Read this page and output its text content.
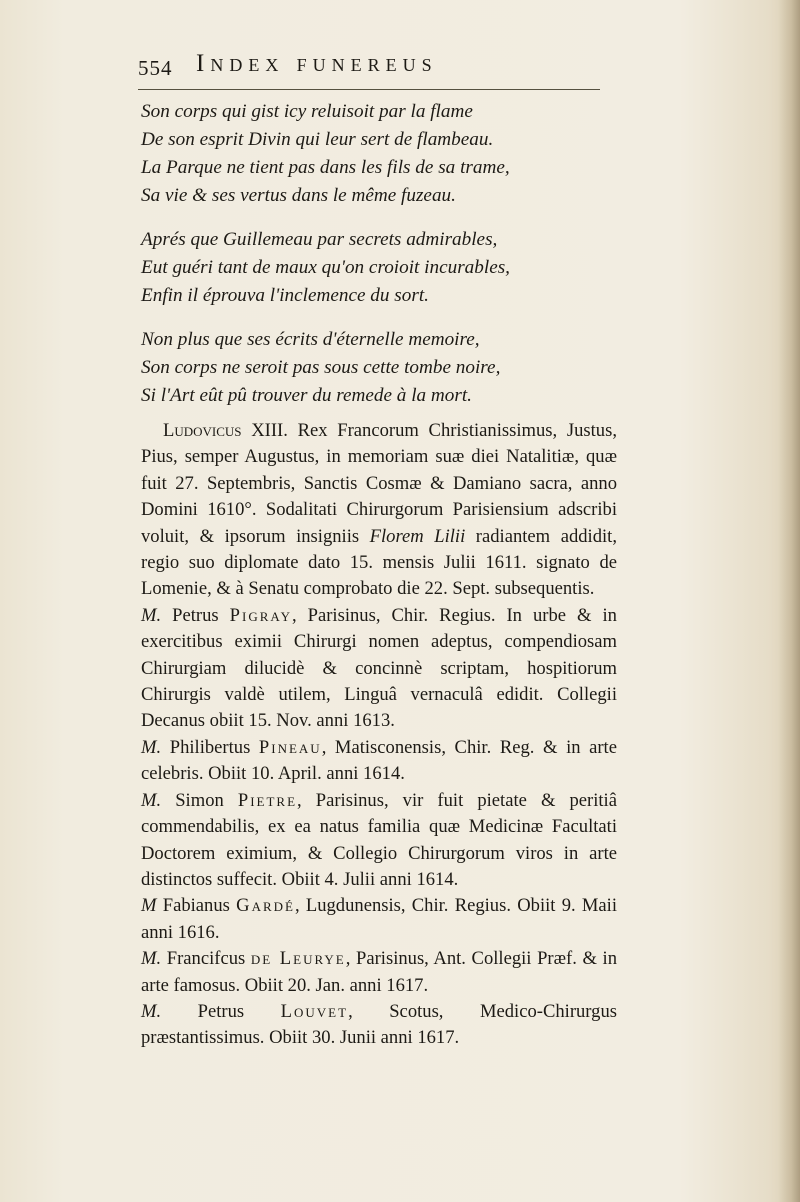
554 Index funereus
Son corps qui gist icy reluisoit par la flame
De son esprit Divin qui leur sert de flambeau.
La Parque ne tient pas dans les fils de sa trame,
Sa vie & ses vertus dans le même fuzeau.
Aprés que Guillemeau par secrets admirables,
Eut guéri tant de maux qu'on croioit incurables,
Enfin il éprouva l'inclemence du sort.
Non plus que ses écrits d'éternelle memoire,
Son corps ne seroit pas sous cette tombe noire,
Si l'Art eût pû trouver du remede à la mort.

Ludovicus XIII. Rex Francorum Christianissimus, Justus, Pius, semper Augustus, in memoriam suæ diei Natalitiæ, quæ fuit 27. Septembris, Sanctis Cosmæ & Damiano sacra, anno Domini 1610°. Sodalitati Chirurgorum Parisiensium adscribi voluit, & ipsorum insigniis Florem Lilii radiantem addidit, regio suo diplomate dato 15. mensis Julii 1611. signato de Lomenie, & à Senatu comprobato die 22. Sept. subsequentis.

M. Petrus Pigray, Parisinus, Chir. Regius. In urbe & in exercitibus eximii Chirurgi nomen adeptus, compendiosam Chirurgiam dilucidè & concinnè scriptam, hospitiorum Chirurgis valdè utilem, Linguâ vernaculâ edidit. Collegii Decanus obiit 15. Nov. anni 1613.

M. Philibertus Pineau, Matisconensis, Chir. Reg. & in arte celebris. Obiit 10. April. anni 1614.

M. Simon Pietre, Parisinus, vir fuit pietate & peritiâ commendabilis, ex ea natus familia quæ Medicinæ Facultati Doctorem eximium, & Collegio Chirurgorum viros in arte distinctos suffecit. Obiit 4. Julii anni 1614.

M Fabianus Gardé, Lugdunensis, Chir. Regius. Obiit 9. Maii anni 1616.

M. Francifcus de Leurye, Parisinus, Ant. Collegii Præf. & in arte famosus. Obiit 20. Jan. anni 1617.

M. Petrus Louvet, Scotus, Medico-Chirurgus præstantissimus. Obiit 30. Junii anni 1617.
